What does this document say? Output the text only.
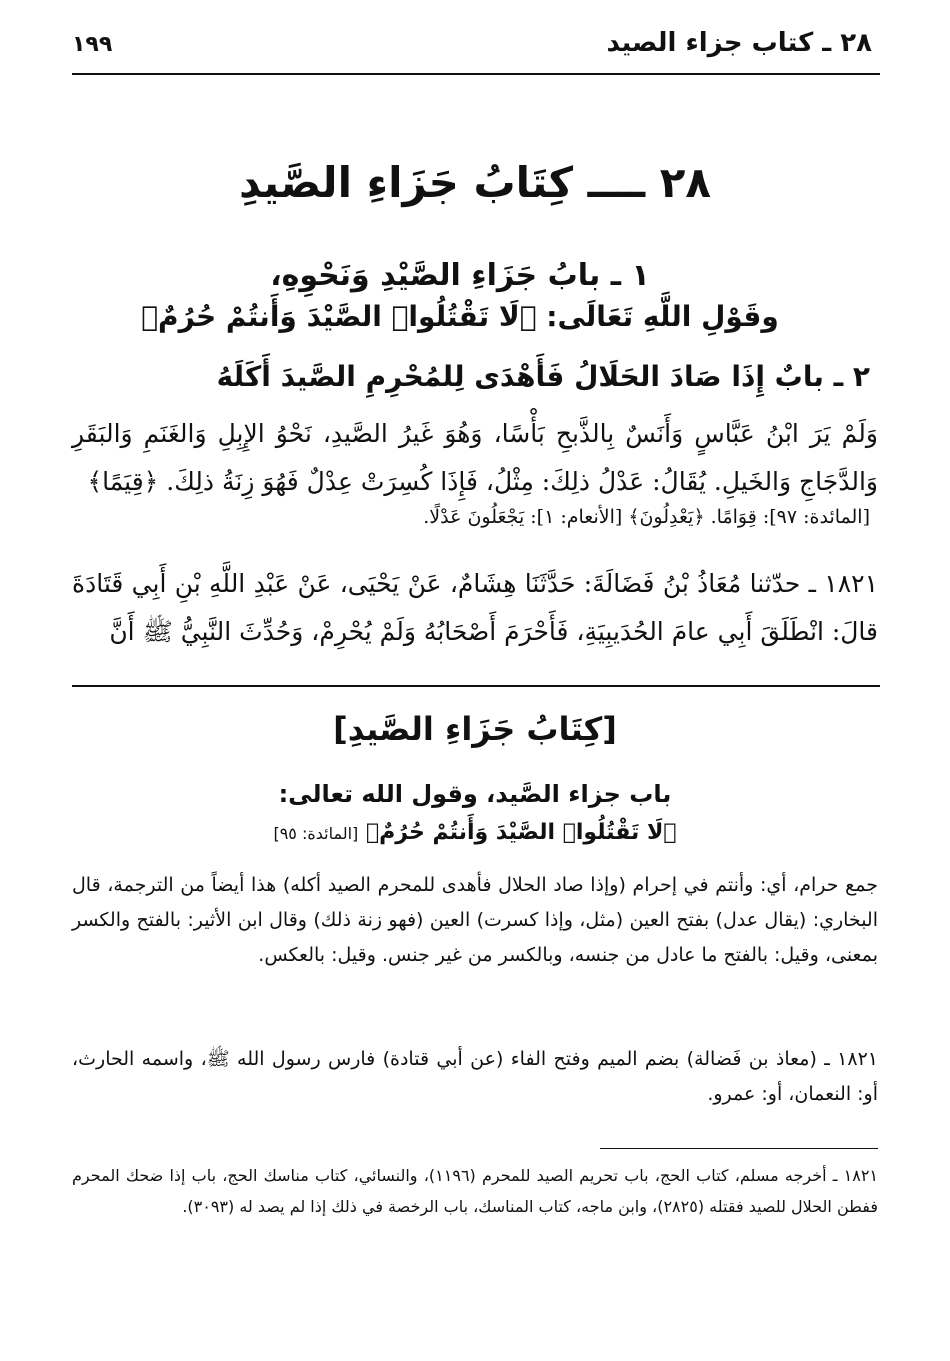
٢٨ ـ كتاب جزاء الصيد
١٩٩
٢٨ ــــ كِتَابُ جَزَاءِ الصَّيدِ
١ ـ بابُ جَزَاءِ الصَّيْدِ وَنَحْوِهِ،
وقَوْلِ اللَّهِ تَعَالَى: ﴿لَا تَقْتُلُوا۟ الصَّيْدَ وَأَنتُمْ حُرُمٌ﴾
٢ ـ بابٌ إِذَا صَادَ الحَلَالُ فَأَهْدَى لِلمُحْرِمِ الصَّيدَ أَكَلَهُ
وَلَمْ يَرَ ابْنُ عَبَّاسٍ وَأَنَسٌ بِالذَّبحِ بَأْسًا، وَهُوَ غَيرُ الصَّيدِ، نَحْوُ الإِبِلِ وَالغَنَمِ وَالبَقَرِ وَالدَّجَاجِ وَالخَيلِ. يُقَالُ: عَدْلُ ذلِكَ: مِثْلُ، فَإِذَا كُسِرَتْ عِدْلٌ فَهُوَ زِنَةُ ذلِكَ. ﴿قِيَمًا﴾
[المائدة: ٩٧]: قِوَامًا. ﴿يَعْدِلُونَ﴾ [الأنعام: ١]: يَجْعَلُونَ عَدْلًا.
١٨٢١ ـ حدّثنا مُعَاذُ بْنُ فَضَالَةَ: حَدَّثَنَا هِشَامٌ، عَنْ يَحْيَى، عَنْ عَبْدِ اللَّهِ بْنِ أَبِي قَتَادَةَ قالَ: انْطَلَقَ أَبِي عامَ الحُدَيبِيَةِ، فَأَحْرَمَ أَصْحَابُهُ وَلَمْ يُحْرِمْ، وَحُدِّثَ النَّبِيُّ ﷺ أَنَّ
[كِتَابُ جَزَاءِ الصَّيدِ]
باب جزاء الصَّيد، وقول الله تعالى:
﴿لَا تَقْتُلُوا۟ الصَّيْدَ وَأَنتُمْ حُرُمٌ﴾ [المائدة: ٩٥]
جمع حرام، أي: وأنتم في إحرام (وإذا صاد الحلال فأهدى للمحرم الصيد أكله) هذا أيضاً من الترجمة، قال البخاري: (يقال عدل) بفتح العين (مثل، وإذا كسرت) العين (فهو زنة ذلك) وقال ابن الأثير: بالفتح والكسر بمعنى، وقيل: بالفتح ما عادل من جنسه، وبالكسر من غير جنس. وقيل: بالعكس.
١٨٢١ ـ (معاذ بن فَضالة) بضم الميم وفتح الفاء (عن أبي قتادة) فارس رسول الله ﷺ، واسمه الحارث، أو: النعمان، أو: عمرو.
١٨٢١ ـ أخرجه مسلم، كتاب الحج، باب تحريم الصيد للمحرم (١١٩٦)، والنسائي، كتاب مناسك الحج، باب إذا ضحك المحرم ففطن الحلال للصيد فقتله (٢٨٢٥)، وابن ماجه، كتاب المناسك، باب الرخصة في ذلك إذا لم يصد له (٣٠٩٣).
